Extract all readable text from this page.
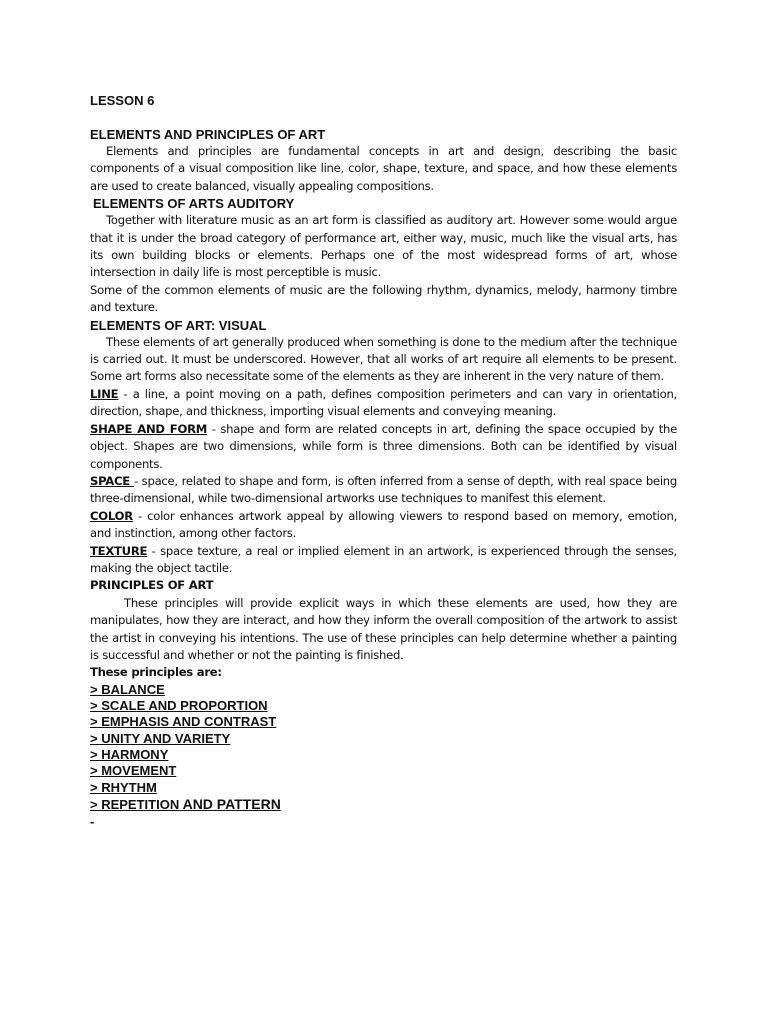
LESSON 6

ELEMENTS AND PRINCIPLES OF ART

Elements and principles are fundamental concepts in art and design, describing the basic components of a visual composition like line, color, shape, texture, and space, and how these elements are used to create balanced, visually appealing compositions.

ELEMENTS OF ARTS AUDITORY

Together with literature music as an art form is classified as auditory art. However some would argue that it is under the broad category of performance art, either way, music, much like the visual arts, has its own building blocks or elements. Perhaps one of the most widespread forms of art, whose intersection in daily life is most perceptible is music.

Some of the common elements of music are the following rhythm, dynamics, melody, harmony timbre and texture.

ELEMENTS OF ART: VISUAL

These elements of art generally produced when something is done to the medium after the technique is carried out. It must be underscored. However, that all works of art require all elements to be present. Some art forms also necessitate some of the elements as they are inherent in the very nature of them.

LINE - a line, a point moving on a path, defines composition perimeters and can vary in orientation, direction, shape, and thickness, importing visual elements and conveying meaning.

SHAPE AND FORM - shape and form are related concepts in art, defining the space occupied by the object. Shapes are two dimensions, while form is three dimensions. Both can be identified by visual components.

SPACE - space, related to shape and form, is often inferred from a sense of depth, with real space being three-dimensional, while two-dimensional artworks use techniques to manifest this element.

COLOR - color enhances artwork appeal by allowing viewers to respond based on memory, emotion, and instinction, among other factors.

TEXTURE - space texture, a real or implied element in an artwork, is experienced through the senses, making the object tactile.

PRINCIPLES OF ART

These principles will provide explicit ways in which these elements are used, how they are manipulates, how they are interact, and how they inform the overall composition of the artwork to assist the artist in conveying his intentions. The use of these principles can help determine whether a painting is successful and whether or not the painting is finished.

These principles are:

> BALANCE
> SCALE AND PROPORTION
> EMPHASIS AND CONTRAST
> UNITY AND VARIETY
> HARMONY
> MOVEMENT
> RHYTHM
> REPETITION AND PATTERN
-
